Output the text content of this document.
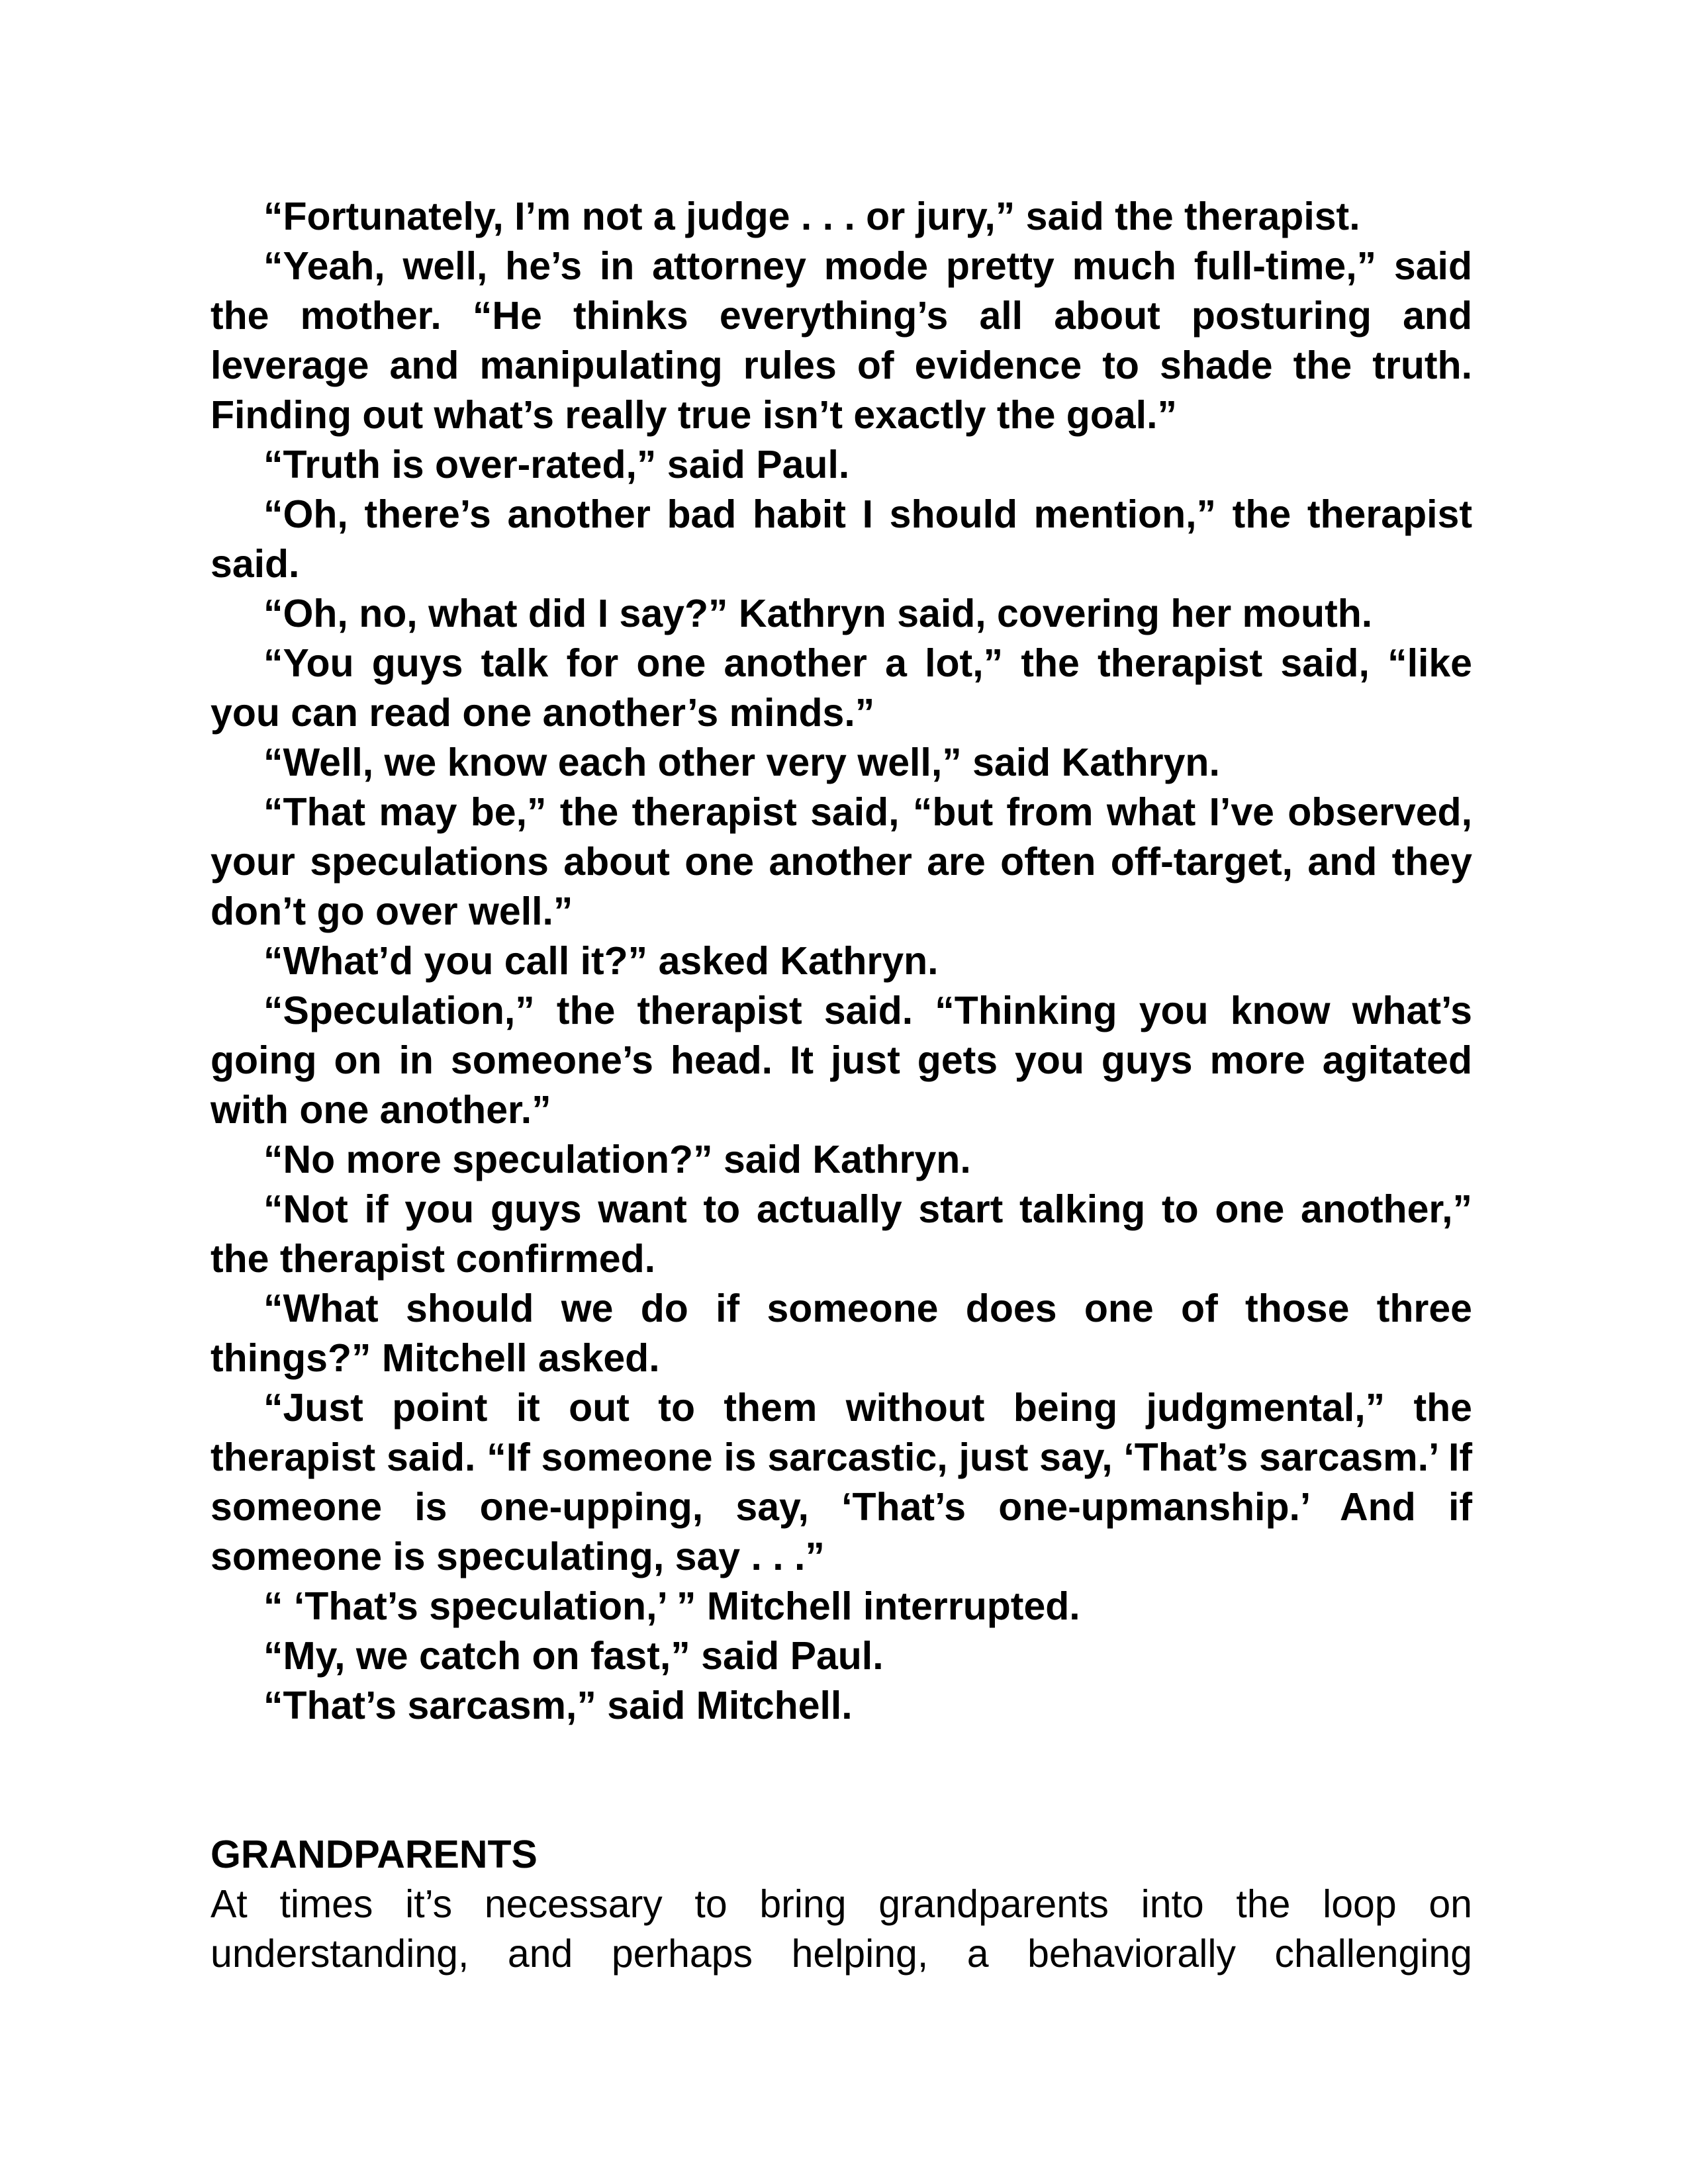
“Fortunately, I’m not a judge . . . or jury,” said the therapist.

“Yeah, well, he’s in attorney mode pretty much full-time,” said the mother. “He thinks everything’s all about posturing and leverage and manipulating rules of evidence to shade the truth. Finding out what’s really true isn’t exactly the goal.”

“Truth is over-rated,” said Paul.

“Oh, there’s another bad habit I should mention,” the therapist said.

“Oh, no, what did I say?” Kathryn said, covering her mouth.

“You guys talk for one another a lot,” the therapist said, “like you can read one another’s minds.”

“Well, we know each other very well,” said Kathryn.

“That may be,” the therapist said, “but from what I’ve observed, your speculations about one another are often off-target, and they don’t go over well.”

“What’d you call it?” asked Kathryn.

“Speculation,” the therapist said. “Thinking you know what’s going on in someone’s head. It just gets you guys more agitated with one another.”

“No more speculation?” said Kathryn.

“Not if you guys want to actually start talking to one another,” the therapist confirmed.

“What should we do if someone does one of those three things?” Mitchell asked.

“Just point it out to them without being judgmental,” the therapist said. “If someone is sarcastic, just say, ‘That’s sarcasm.’ If someone is one-upping, say, ‘That’s one-upmanship.’ And if someone is speculating, say . . .”

“ ‘That’s speculation,’ ” Mitchell interrupted.

“My, we catch on fast,” said Paul.

“That’s sarcasm,” said Mitchell.

GRANDPARENTS

At times it’s necessary to bring grandparents into the loop on understanding, and perhaps helping, a behaviorally challenging
